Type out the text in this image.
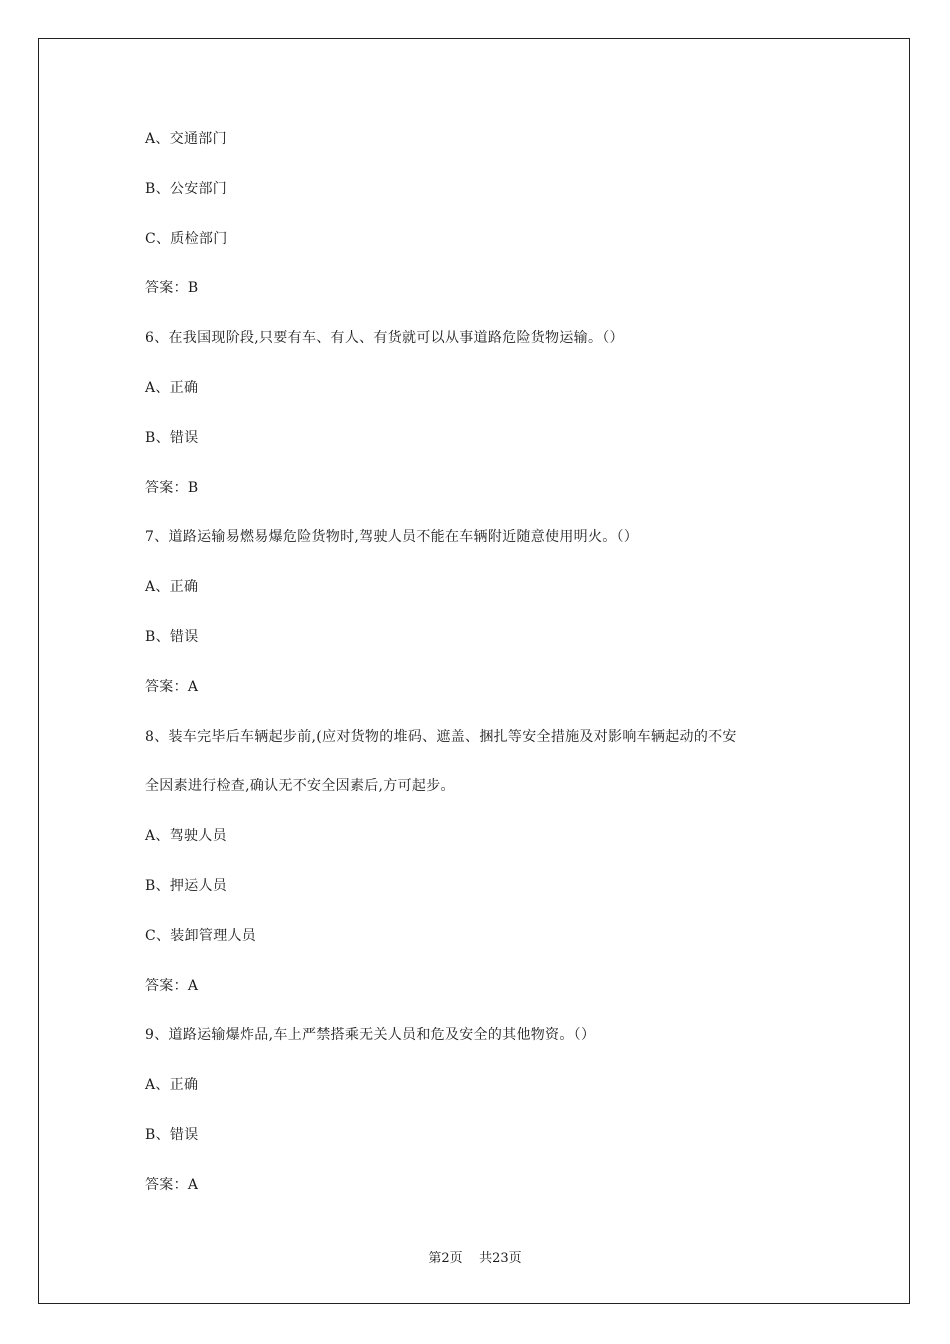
A、交通部门
B、公安部门
C、质检部门
答案：B
6、在我国现阶段,只要有车、有人、有货就可以从事道路危险货物运输。（）
A、正确
B、错误
答案：B
7、道路运输易燃易爆危险货物时,驾驶人员不能在车辆附近随意使用明火。（）
A、正确
B、错误
答案：A
8、装车完毕后车辆起步前,(应对货物的堆码、遮盖、捆扎等安全措施及对影响车辆起动的不安
全因素进行检查,确认无不安全因素后,方可起步。
A、驾驶人员
B、押运人员
C、装卸管理人员
答案：A
9、道路运输爆炸品,车上严禁搭乘无关人员和危及安全的其他物资。（）
A、正确
B、错误
答案：A
第2页 共23页
